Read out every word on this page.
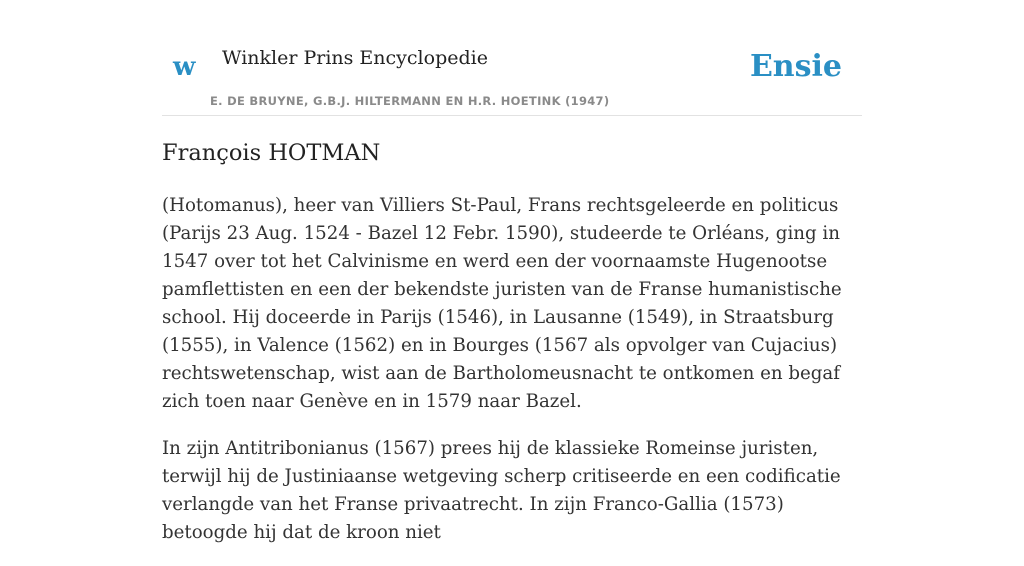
w Winkler Prins Encyclopedie
E. DE BRUYNE, G.B.J. HILTERMANN EN H.R. HOETINK (1947)
Ensie
François HOTMAN

(Hotomanus), heer van Villiers St-Paul, Frans rechtsgeleerde en politicus (Parijs 23 Aug. 1524 - Bazel 12 Febr. 1590), studeerde te Orléans, ging in 1547 over tot het Calvinisme en werd een der voornaamste Hugenootse pamflettisten en een der bekendste juristen van de Franse humanistische school. Hij doceerde in Parijs (1546), in Lausanne (1549), in Straatsburg (1555), in Valence (1562) en in Bourges (1567 als opvolger van Cujacius) rechtswetenschap, wist aan de Bartholomeusnacht te ontkomen en begaf zich toen naar Genève en in 1579 naar Bazel.

In zijn Antitribonianus (1567) prees hij de klassieke Romeinse juristen, terwijl hij de Justiniaanse wetgeving scherp critiseerde en een codificatie verlangde van het Franse privaatrecht. In zijn Franco-Gallia (1573) betoogde hij dat de kroon niet
